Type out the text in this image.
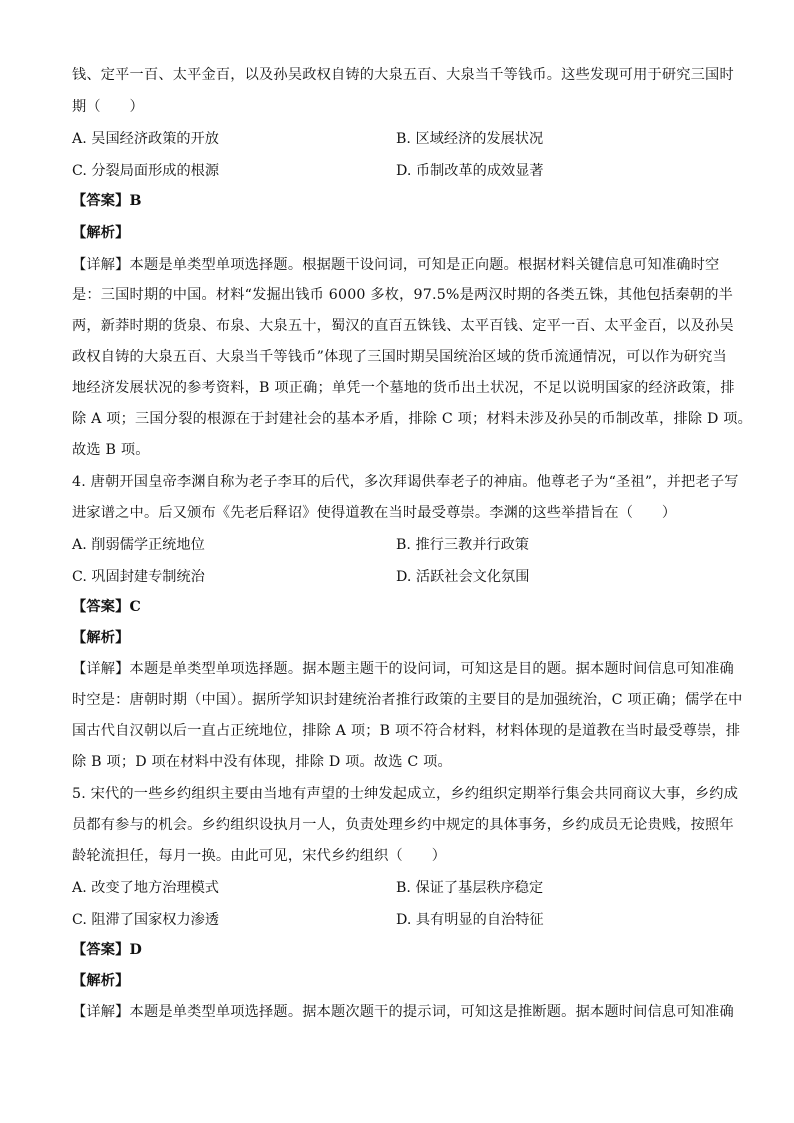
钱、定平一百、太平金百，以及孙吴政权自铸的大泉五百、大泉当千等钱币。这些发现可用于研究三国时
期（　　）
A. 吴国经济政策的开放	B. 区域经济的发展状况
C. 分裂局面形成的根源	D. 币制改革的成效显著
【答案】B
【解析】
【详解】本题是单类型单项选择题。根据题干设问词，可知是正向题。根据材料关键信息可知准确时空
是：三国时期的中国。材料“发掘出钱币 6000 多枚，97.5%是两汉时期的各类五铢，其他包括秦朝的半
两，新莽时期的货泉、布泉、大泉五十，蜀汉的直百五铢钱、太平百钱、定平一百、太平金百，以及孙吴
政权自铸的大泉五百、大泉当千等钱币”体现了三国时期吴国统治区域的货币流通情况，可以作为研究当
地经济发展状况的参考资料，B 项正确；单凭一个墓地的货币出土状况，不足以说明国家的经济政策，排
除 A 项；三国分裂的根源在于封建社会的基本矛盾，排除 C 项；材料未涉及孙吴的币制改革，排除 D 项。
故选 B 项。
4. 唐朝开国皇帝李渊自称为老子李耳的后代，多次拜谒供奉老子的神庙。他尊老子为“圣祖”，并把老子写
进家谱之中。后又颁布《先老后释诏》使得道教在当时最受尊崇。李渊的这些举措旨在（　　）
A. 削弱儒学正统地位	B. 推行三教并行政策
C. 巩固封建专制统治	D. 活跃社会文化氛围
【答案】C
【解析】
【详解】本题是单类型单项选择题。据本题主题干的设问词，可知这是目的题。据本题时间信息可知准确
时空是：唐朝时期（中国）。据所学知识封建统治者推行政策的主要目的是加强统治，C 项正确；儒学在中
国古代自汉朝以后一直占正统地位，排除 A 项；B 项不符合材料，材料体现的是道教在当时最受尊崇，排
除 B 项；D 项在材料中没有体现，排除 D 项。故选 C 项。
5. 宋代的一些乡约组织主要由当地有声望的士绅发起成立，乡约组织定期举行集会共同商议大事，乡约成
员都有参与的机会。乡约组织设执月一人，负责处理乡约中规定的具体事务，乡约成员无论贵贱，按照年
龄轮流担任，每月一换。由此可见，宋代乡约组织（　　）
A. 改变了地方治理模式	B. 保证了基层秩序稳定
C. 阻滞了国家权力渗透	D. 具有明显的自治特征
【答案】D
【解析】
【详解】本题是单类型单项选择题。据本题次题干的提示词，可知这是推断题。据本题时间信息可知准确
